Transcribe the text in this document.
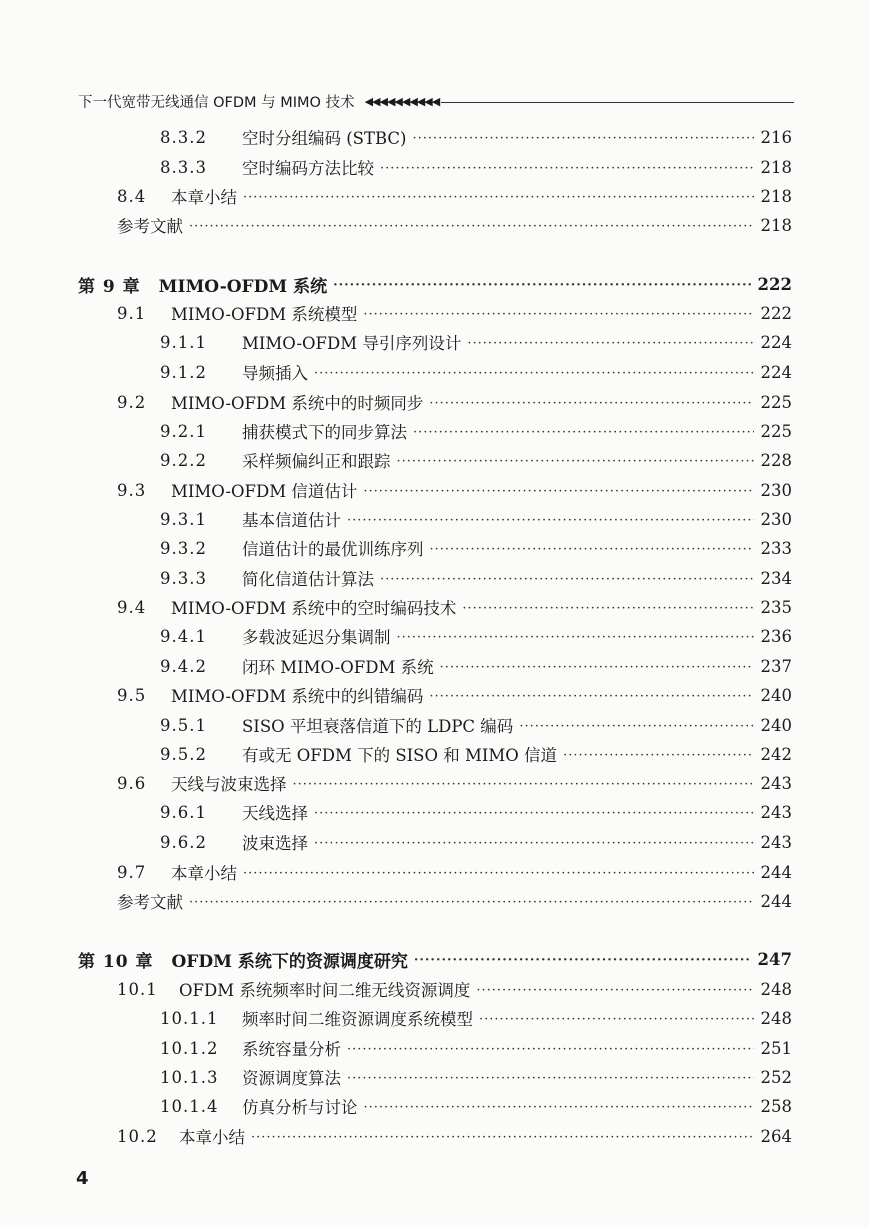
下一代宽带无线通信 OFDM 与 MIMO 技术 ◀◀◀◀◀◀◀◀◀◀
8.3.2	空时分组编码 (STBC) ·····	216
8.3.3	空时编码方法比较 ·····	218
8.4	本章小结 ·····	218
参考文献 ·····	218
第 9 章 MIMO-OFDM 系统 ·····	222
9.1	MIMO-OFDM 系统模型 ·····	222
9.1.1	MIMO-OFDM 导引序列设计 ·····	224
9.1.2	导频插入 ·····	224
9.2	MIMO-OFDM 系统中的时频同步 ·····	225
9.2.1	捕获模式下的同步算法 ·····	225
9.2.2	采样频偏纠正和跟踪 ·····	228
9.3	MIMO-OFDM 信道估计 ·····	230
9.3.1	基本信道估计 ·····	230
9.3.2	信道估计的最优训练序列 ·····	233
9.3.3	简化信道估计算法 ·····	234
9.4	MIMO-OFDM 系统中的空时编码技术 ·····	235
9.4.1	多载波延迟分集调制 ·····	236
9.4.2	闭环 MIMO-OFDM 系统 ·····	237
9.5	MIMO-OFDM 系统中的纠错编码 ·····	240
9.5.1	SISO 平坦衰落信道下的 LDPC 编码 ·····	240
9.5.2	有或无 OFDM 下的 SISO 和 MIMO 信道 ·····	242
9.6	天线与波束选择 ·····	243
9.6.1	天线选择 ·····	243
9.6.2	波束选择 ·····	243
9.7	本章小结 ·····	244
参考文献 ·····	244
第 10 章 OFDM 系统下的资源调度研究 ·····	247
10.1	OFDM 系统频率时间二维无线资源调度 ·····	248
10.1.1	频率时间二维资源调度系统模型 ·····	248
10.1.2	系统容量分析 ·····	251
10.1.3	资源调度算法 ·····	252
10.1.4	仿真分析与讨论 ·····	258
10.2	本章小结 ·····	264
4
